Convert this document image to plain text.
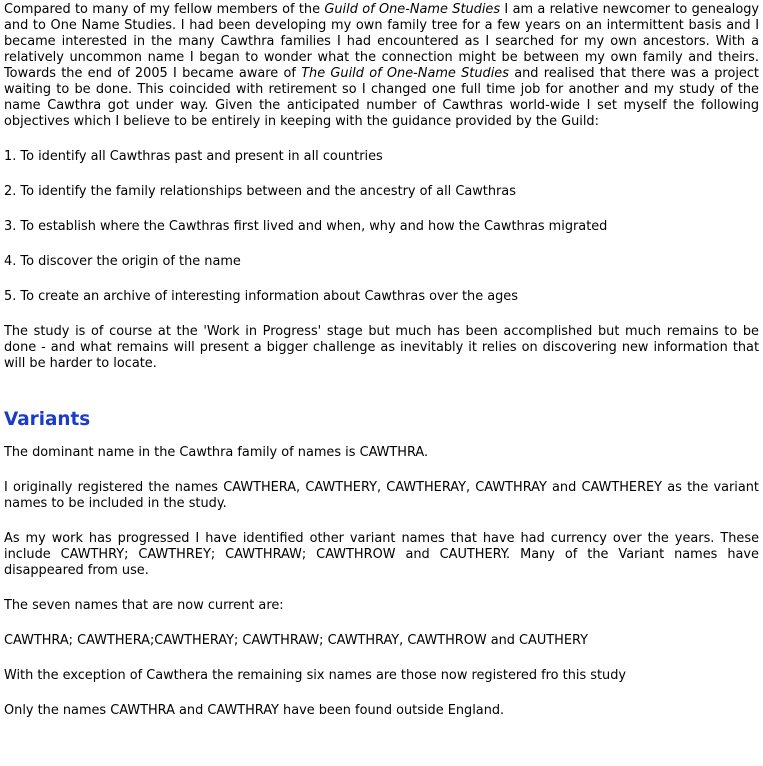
Compared to many of my fellow members of the Guild of One-Name Studies I am a relative newcomer to genealogy and to One Name Studies. I had been developing my own family tree for a few years on an intermittent basis and I became interested in the many Cawthra families I had encountered as I searched for my own ancestors. With a relatively uncommon name I began to wonder what the connection might be between my own family and theirs. Towards the end of 2005 I became aware of The Guild of One-Name Studies and realised that there was a project waiting to be done. This coincided with retirement so I changed one full time job for another and my study of the name Cawthra got under way. Given the anticipated number of Cawthras world-wide I set myself the following objectives which I believe to be entirely in keeping with the guidance provided by the Guild:

1. To identify all Cawthras past and present in all countries

2. To identify the family relationships between and the ancestry of all Cawthras

3. To establish where the Cawthras first lived and when, why and how the Cawthras migrated

4. To discover the origin of the name

5. To create an archive of interesting information about Cawthras over the ages

The study is of course at the 'Work in Progress' stage but much has been accomplished but much remains to be done - and what remains will present a bigger challenge as inevitably it relies on discovering new information that will be harder to locate.

Variants

The dominant name in the Cawthra family of names is CAWTHRA.

I originally registered the names CAWTHERA, CAWTHERY, CAWTHERAY, CAWTHRAY and CAWTHEREY as the variant names to be included in the study.

As my work has progressed I have identified other variant names that have had currency over the years. These include CAWTHRY; CAWTHREY; CAWTHRAW; CAWTHROW and CAUTHERY. Many of the Variant names have disappeared from use.

The seven names that are now current are:

CAWTHRA; CAWTHERA;CAWTHERAY; CAWTHRAW; CAWTHRAY, CAWTHROW and CAUTHERY

With the exception of Cawthera the remaining six names are those now registered fro this study

Only the names CAWTHRA and CAWTHRAY have been found outside England.
